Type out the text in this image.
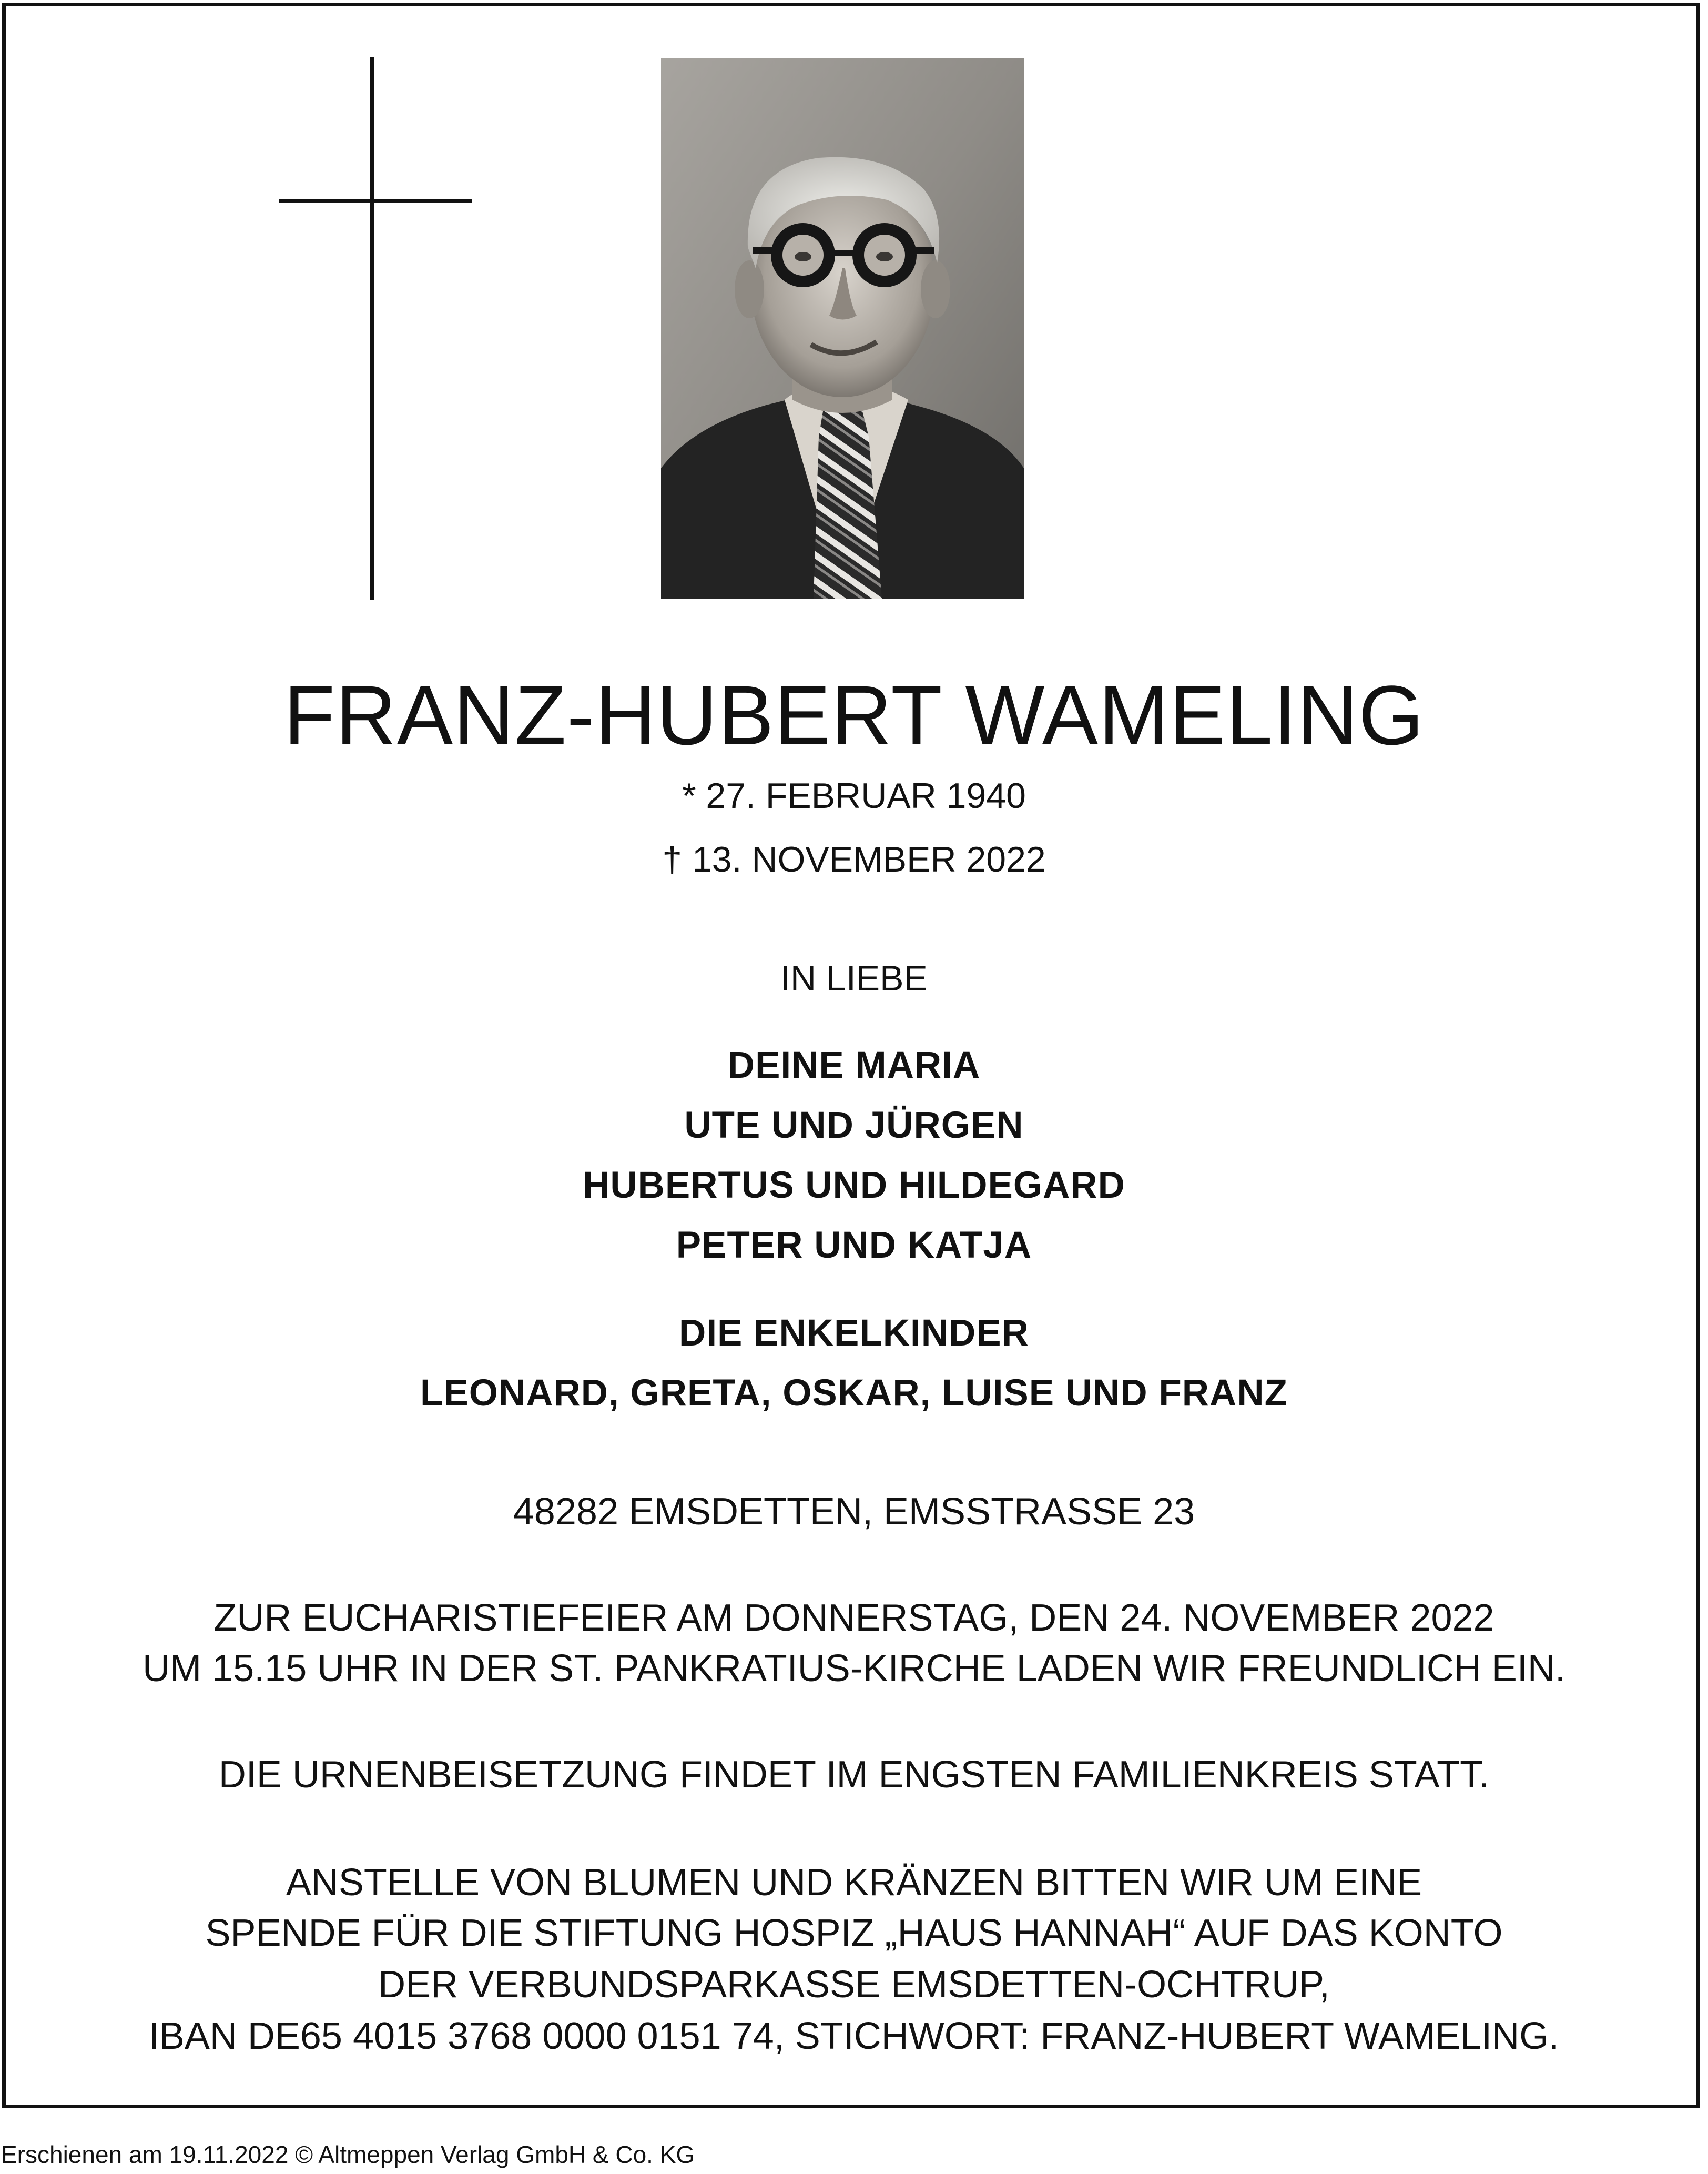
FRANZ-HUBERT WAMELING
* 27. FEBRUAR 1940
† 13. NOVEMBER 2022
IN LIEBE
DEINE MARIA
UTE UND JÜRGEN
HUBERTUS UND HILDEGARD
PETER UND KATJA
DIE ENKELKINDER
LEONARD, GRETA, OSKAR, LUISE UND FRANZ
48282 EMSDETTEN, EMSSTRASSE 23
ZUR EUCHARISTIEFEIER AM DONNERSTAG, DEN 24. NOVEMBER 2022
UM 15.15 UHR IN DER ST. PANKRATIUS-KIRCHE LADEN WIR FREUNDLICH EIN.
DIE URNENBEISETZUNG FINDET IM ENGSTEN FAMILIENKREIS STATT.
ANSTELLE VON BLUMEN UND KRÄNZEN BITTEN WIR UM EINE
SPENDE FÜR DIE STIFTUNG HOSPIZ „HAUS HANNAH“ AUF DAS KONTO
DER VERBUNDSPARKASSE EMSDETTEN-OCHTRUP,
IBAN DE65 4015 3768 0000 0151 74, STICHWORT: FRANZ-HUBERT WAMELING.
Erschienen am 19.11.2022 © Altmeppen Verlag GmbH & Co. KG
